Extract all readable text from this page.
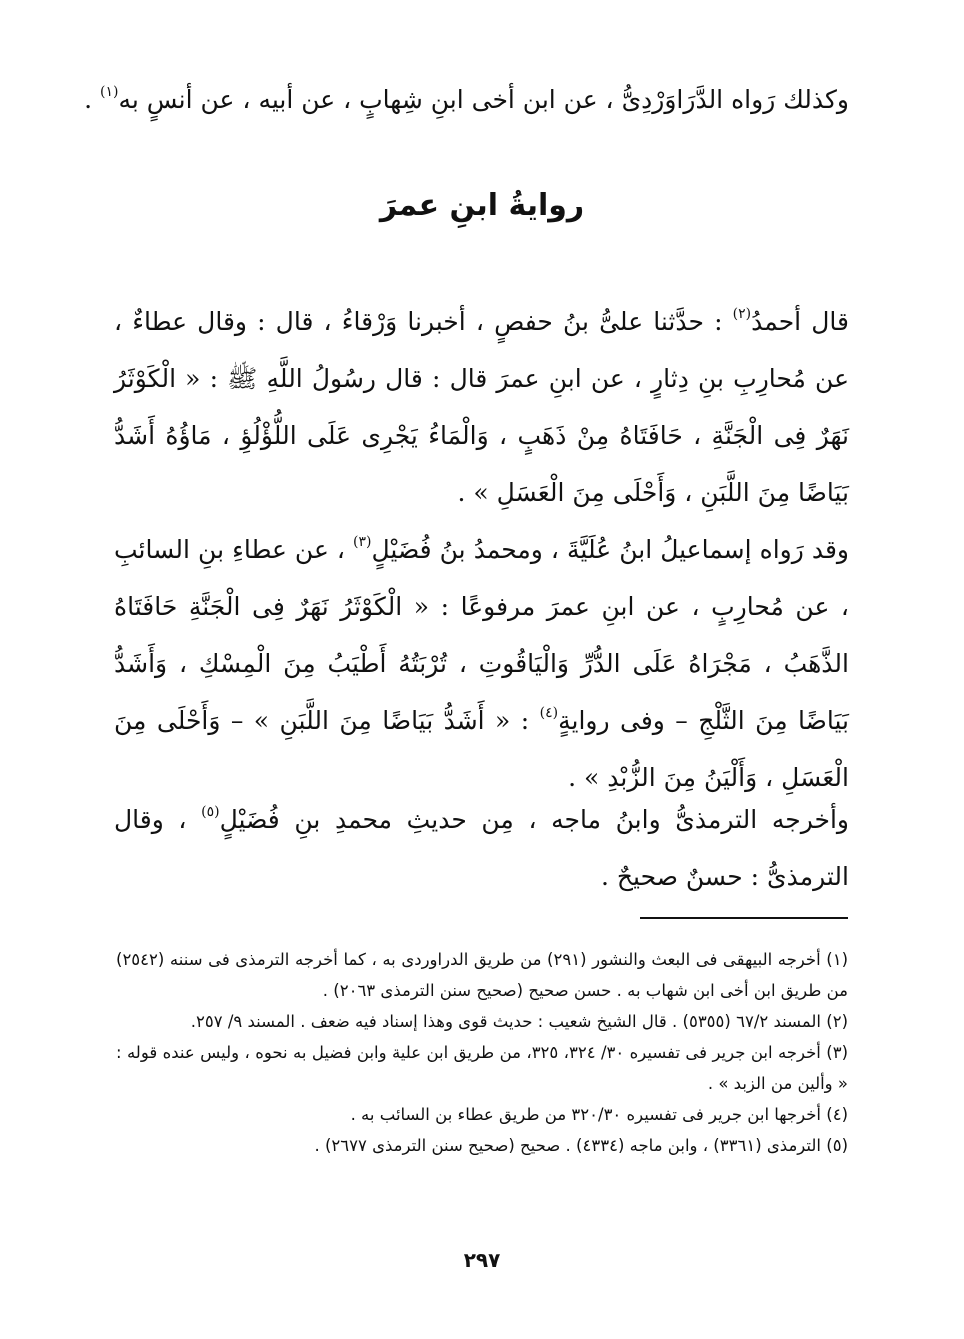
وكذلك رَواه الدَّرَاوَرْدِىُّ ، عن ابن أخى ابنِ شِهابٍ ، عن أبيه ، عن أنسٍ به$^{(١)}$ .
روايةُ ابنِ عمرَ

قال أحمدُ$^{(٢)}$ : حدَّثنا علىُّ بنُ حفصٍ ، أخبرنا وَرْقاءُ ، قال : وقال عطاءٌ ، عن مُحارِبِ بنِ دِثارٍ ، عن ابنِ عمرَ قال : قال رسُولُ اللَّهِ ﷺ : « الْكَوْثَرُ نَهَرٌ فِى الْجَنَّةِ ، حَافَتَاهُ مِنْ ذَهَبٍ ، وَالْمَاءُ يَجْرِى عَلَى اللُّؤْلُؤِ ، مَاؤُهُ أَشَدُّ بَيَاضًا مِنَ اللَّبَنِ ، وَأَحْلَى مِنَ الْعَسَلِ » .

وقد رَواه إسماعيلُ ابنُ عُلَيَّةَ ، ومحمدُ بنُ فُضَيْلٍ$^{(٣)}$ ، عن عطاءِ بنِ السائبِ ، عن مُحارِبٍ ، عن ابنِ عمرَ مرفوعًا : « الْكَوْثَرُ نَهَرٌ فِى الْجَنَّةِ حَافَتَاهُ الذَّهَبُ ، مَجْرَاهُ عَلَى الدُّرِّ وَالْيَاقُوتِ ، تُرْبَتُهُ أَطْيَبُ مِنَ الْمِسْكِ ، وَأَشَدُّ بَيَاضًا مِنَ الثَّلْجِ – وفى روايةٍ$^{(٤)}$ : « أَشَدُّ بَيَاضًا مِنَ اللَّبَنِ » – وَأَحْلَى مِنَ الْعَسَلِ ، وَأَلْيَنُ مِنَ الزُّبْدِ » .

وأخرجه الترمذىُّ وابنُ ماجه ، مِن حديثِ محمدِ بنِ فُضَيْلٍ$^{(٥)}$ ، وقال الترمذىُّ : حسنٌ صحيحٌ .

(١) أخرجه البيهقى فى البعث والنشور (٢٩١) من طريق الدراوردى به ، كما أخرجه الترمذى فى سننه (٢٥٤٢) من طريق ابن أخى ابن شهاب به . حسن صحيح (صحيح سنن الترمذى ٢٠٦٣) .

(٢) المسند ٦٧/٢ (٥٣٥٥) . قال الشيخ شعيب : حديث قوى وهذا إسناد فيه ضعف . المسند ٩/ ٢٥٧.

(٣) أخرجه ابن جرير فى تفسيره ٣٠/ ٣٢٤، ٣٢٥، من طريق ابن علية وابن فضيل به نحوه ، وليس عنده قوله : « وألين من الزبد » .

(٤) أخرجها ابن جرير فى تفسيره ٣٢٠/٣٠ من طريق عطاء بن السائب به .

(٥) الترمذى (٣٣٦١) ، وابن ماجه (٤٣٣٤) . صحيح (صحيح سنن الترمذى ٢٦٧٧) .

٢٩٧
